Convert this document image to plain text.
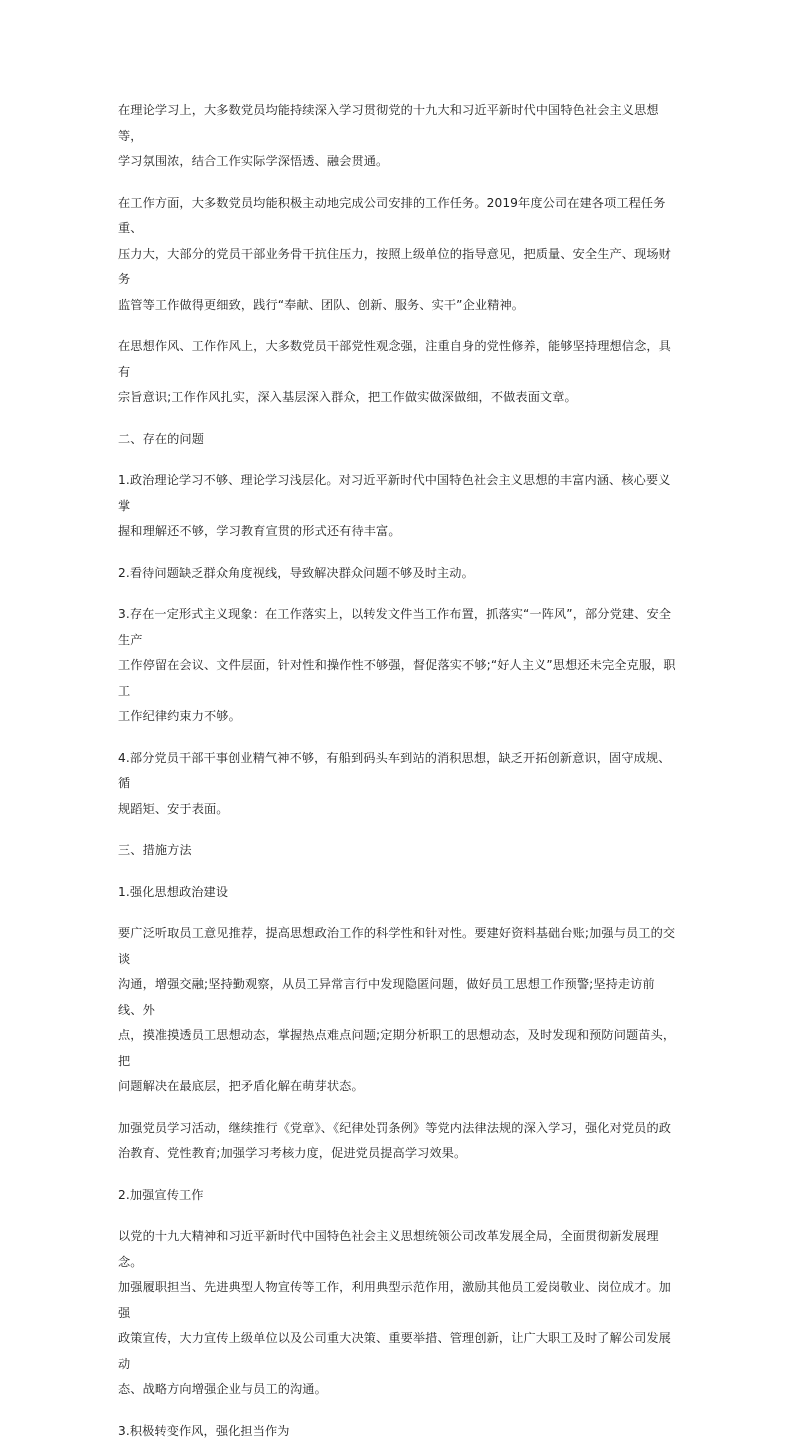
在理论学习上，大多数党员均能持续深入学习贯彻党的十九大和习近平新时代中国特色社会主义思想等，
学习氛围浓，结合工作实际学深悟透、融会贯通。

在工作方面，大多数党员均能积极主动地完成公司安排的工作任务。2019年度公司在建各项工程任务重、
压力大，大部分的党员干部业务骨干抗住压力，按照上级单位的指导意见，把质量、安全生产、现场财务
监管等工作做得更细致，践行“奉献、团队、创新、服务、实干”企业精神。

在思想作风、工作作风上，大多数党员干部党性观念强，注重自身的党性修养，能够坚持理想信念，具有
宗旨意识;工作作风扎实，深入基层深入群众，把工作做实做深做细，不做表面文章。

二、存在的问题

1.政治理论学习不够、理论学习浅层化。对习近平新时代中国特色社会主义思想的丰富内涵、核心要义掌
握和理解还不够，学习教育宣贯的形式还有待丰富。

2.看待问题缺乏群众角度视线，导致解决群众问题不够及时主动。

3.存在一定形式主义现象：在工作落实上，以转发文件当工作布置，抓落实“一阵风”，部分党建、安全生产
工作停留在会议、文件层面，针对性和操作性不够强，督促落实不够;“好人主义”思想还未完全克服，职工
工作纪律约束力不够。

4.部分党员干部干事创业精气神不够，有船到码头车到站的消积思想，缺乏开拓创新意识，固守成规、循
规蹈矩、安于表面。

三、措施方法

1.强化思想政治建设

要广泛听取员工意见推荐，提高思想政治工作的科学性和针对性。要建好资料基础台账;加强与员工的交谈
沟通，增强交融;坚持勤观察，从员工异常言行中发现隐匿问题，做好员工思想工作预警;坚持走访前线、外
点，摸准摸透员工思想动态，掌握热点难点问题;定期分析职工的思想动态，及时发现和预防问题苗头，把
问题解决在最底层，把矛盾化解在萌芽状态。

加强党员学习活动，继续推行《党章》、《纪律处罚条例》等党内法律法规的深入学习，强化对党员的政
治教育、党性教育;加强学习考核力度，促进党员提高学习效果。

2.加强宣传工作

以党的十九大精神和习近平新时代中国特色社会主义思想统领公司改革发展全局，全面贯彻新发展理念。
加强履职担当、先进典型人物宣传等工作，利用典型示范作用，激励其他员工爱岗敬业、岗位成才。加强
政策宣传，大力宣传上级单位以及公司重大决策、重要举措、管理创新，让广大职工及时了解公司发展动
态、战略方向增强企业与员工的沟通。

3.积极转变作风，强化担当作为
